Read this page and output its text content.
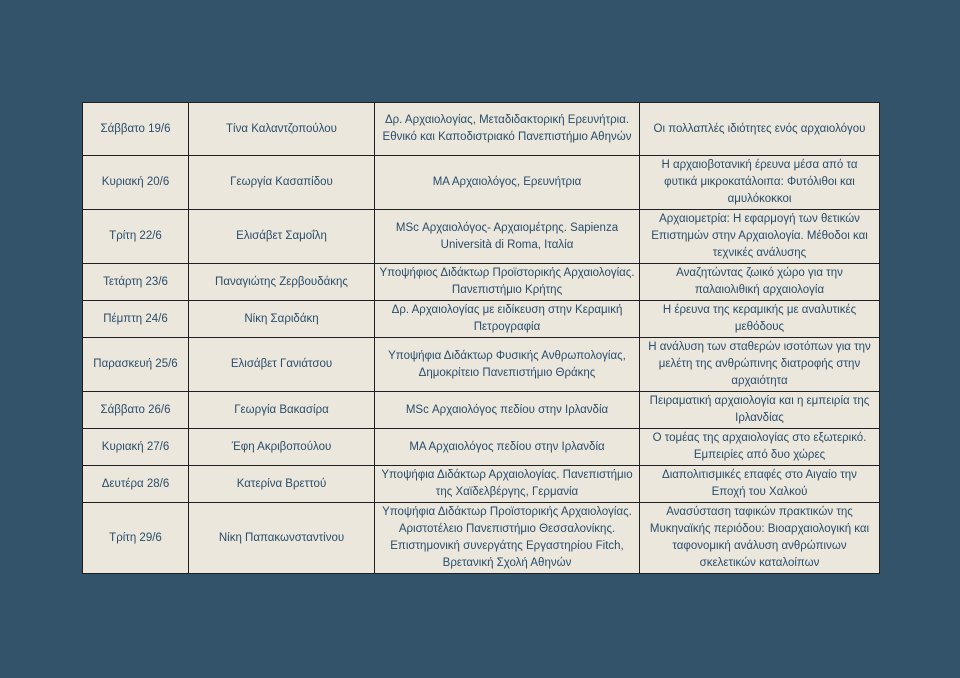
Σάββατο 19/6	Τίνα Καλαντζοπούλου	Δρ. Αρχαιολογίας, Μεταδιδακτορική Ερευνήτρια. Εθνικό και Καποδιστριακό Πανεπιστήμιο Αθηνών	Οι πολλαπλές ιδιότητες ενός αρχαιολόγου
Κυριακή 20/6	Γεωργία Κασαπίδου	ΜΑ Αρχαιολόγος, Ερευνήτρια	Η αρχαιοβοτανική έρευνα μέσα από τα φυτικά μικροκατάλοιπα: Φυτόλιθοι και αμυλόκοκκοι
Τρίτη 22/6	Ελισάβετ Σαμοΐλη	MSc Αρχαιολόγος- Αρχαιομέτρης. Sapienza Università di Roma, Ιταλία	Αρχαιομετρία: Η εφαρμογή των θετικών Επιστημών στην Αρχαιολογία. Μέθοδοι και τεχνικές ανάλυσης
Τετάρτη 23/6	Παναγιώτης Ζερβουδάκης	Υποψήφιος Διδάκτωρ Προϊστορικής Αρχαιολογίας. Πανεπιστήμιο Κρήτης	Αναζητώντας ζωικό χώρο για την παλαιολιθική αρχαιολογία
Πέμπτη 24/6	Νίκη Σαριδάκη	Δρ. Αρχαιολογίας με ειδίκευση στην Κεραμική Πετρογραφία	Η έρευνα της κεραμικής με αναλυτικές μεθόδους
Παρασκευή 25/6	Ελισάβετ Γανιάτσου	Υποψήφια Διδάκτωρ Φυσικής Ανθρωπολογίας, Δημοκρίτειο Πανεπιστήμιο Θράκης	Η ανάλυση των σταθερών ισοτόπων για την μελέτη της ανθρώπινης διατροφής στην αρχαιότητα
Σάββατο 26/6	Γεωργία Βακασίρα	MSc Αρχαιολόγος πεδίου στην Ιρλανδία	Πειραματική αρχαιολογία και η εμπειρία της Ιρλανδίας
Κυριακή 27/6	Έφη Ακριβοπούλου	ΜΑ Αρχαιολόγος πεδίου στην Ιρλανδία	Ο τομέας της αρχαιολογίας στο εξωτερικό. Εμπειρίες από δυο χώρες
Δευτέρα 28/6	Κατερίνα Βρεττού	Υποψήφια Διδάκτωρ Αρχαιολογίας. Πανεπιστήμιο της Χαϊδελβέργης, Γερμανία	Διαπολιτισμικές επαφές στο Αιγαίο την Εποχή του Χαλκού
Τρίτη 29/6	Νίκη Παπακωνσταντίνου	Υποψήφια Διδάκτωρ Προϊστορικής Αρχαιολογίας. Αριστοτέλειο Πανεπιστήμιο Θεσσαλονίκης. Επιστημονική συνεργάτης Εργαστηρίου Fitch, Βρετανική Σχολή Αθηνών	Ανασύσταση ταφικών πρακτικών της Μυκηναϊκής περιόδου: Βιοαρχαιολογική και ταφονομική ανάλυση ανθρώπινων σκελετικών καταλοίπων
